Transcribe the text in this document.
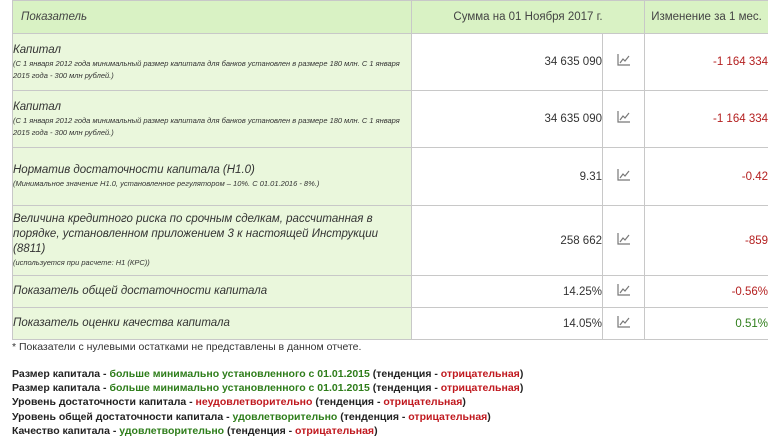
Показатель	Сумма на 01 Ноября 2017 г.		Изменение за 1 мес.

Капитал
(С 1 января 2012 года минимальный размер капитала для банков установлен в размере 180 млн. С 1 января 2015 года - 300 млн рублей.)	34 635 090		-1 164 334

Капитал
(С 1 января 2012 года минимальный размер капитала для банков установлен в размере 180 млн. С 1 января 2015 года - 300 млн рублей.)	34 635 090		-1 164 334

Норматив достаточности капитала (Н1.0)
(Минимальное значение Н1.0, установленное регулятором – 10%. С 01.01.2016 - 8%.)	9.31		-0.42

Величина кредитного риска по срочным сделкам, рассчитанная в порядке, установленном приложением 3 к настоящей Инструкции (8811)
(используется при расчете: Н1 (КРС))	258 662		-859

Показатель общей достаточности капитала	14.25%		-0.56%

Показатель оценки качества капитала	14.05%		0.51%
* Показатели с нулевыми остатками не представлены в данном отчете.
Размер капитала - больше минимально установленного с 01.01.2015 (тенденция - отрицательная)
Размер капитала - больше минимально установленного с 01.01.2015 (тенденция - отрицательная)
Уровень достаточности капитала - неудовлетворительно (тенденция - отрицательная)
Уровень общей достаточности капитала - удовлетворительно (тенденция - отрицательная)
Качество капитала - удовлетворительно (тенденция - отрицательная)
